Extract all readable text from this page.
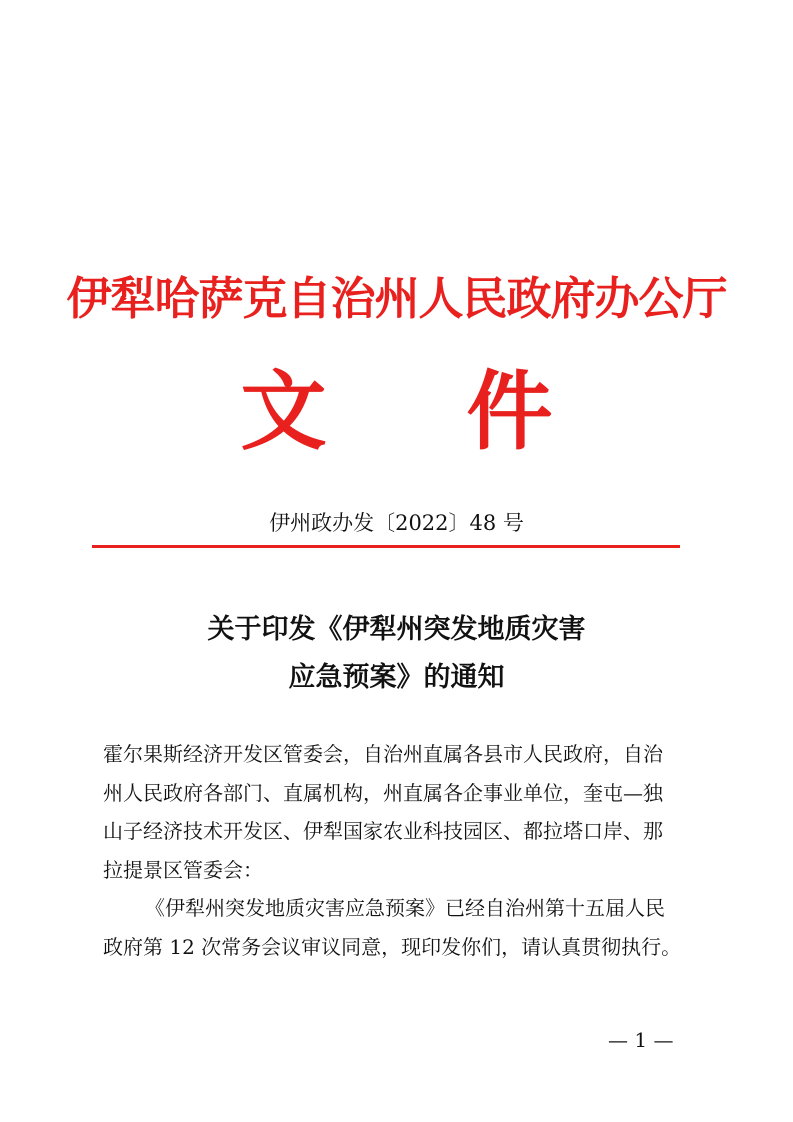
伊犁哈萨克自治州人民政府办公厅
文 件
伊州政办发〔2022〕48 号
关于印发《伊犁州突发地质灾害
应急预案》的通知
霍尔果斯经济开发区管委会，自治州直属各县市人民政府，自治
州人民政府各部门、直属机构，州直属各企事业单位，奎屯—独
山子经济技术开发区、伊犁国家农业科技园区、都拉塔口岸、那
拉提景区管委会：
《伊犁州突发地质灾害应急预案》已经自治州第十五届人民
政府第 12 次常务会议审议同意，现印发你们，请认真贯彻执行。
— 1 —
